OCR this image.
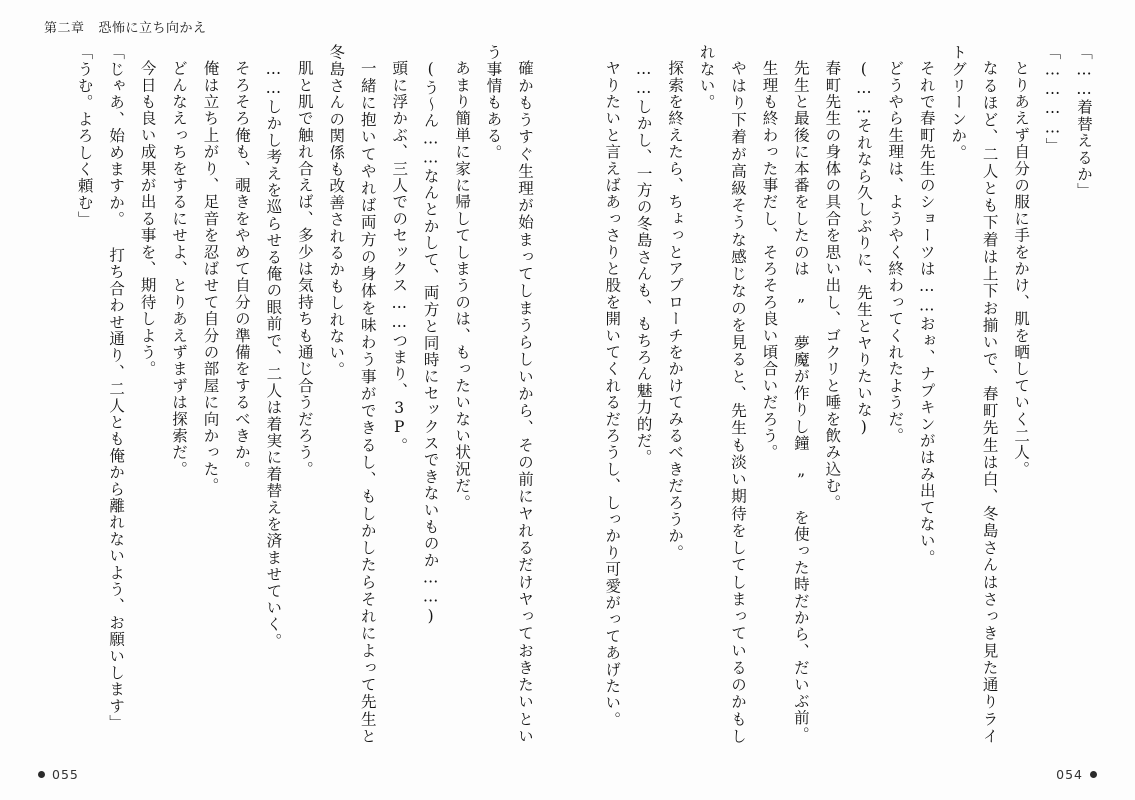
第二章 恐怖に立ち向かえ

「……着替えるか」

「…………」

とりあえず自分の服に手をかけ、肌を晒していく二人。

なるほど、二人とも下着は上下お揃いで、春町先生は白、冬島さんはさっき見た通りライトグリーンか。

それで春町先生のショーツは……おぉ、ナプキンがはみ出てない。

どうやら生理は、ようやく終わってくれたようだ。

(……それなら久しぶりに、先生とヤりたいな)

春町先生の身体の具合を思い出し、ゴクリと唾を飲み込む。

先生と最後に本番をしたのは ” 夢魔が作りし鐘 ” を使った時だから、だいぶ前。

生理も終わった事だし、そろそろ良い頃合いだろう。

やはり下着が高級そうな感じなのを見ると、先生も淡い期待をしてしまっているのかもしれない。

探索を終えたら、ちょっとアプローチをかけてみるべきだろうか。

……しかし、一方の冬島さんも、もちろん魅力的だ。

ヤりたいと言えばあっさりと股を開いてくれるだろうし、しっかり可愛がってあげたい。

確かもうすぐ生理が始まってしまうらしいから、その前にヤれるだけヤっておきたいという事情もある。

あまり簡単に家に帰してしまうのは、もったいない状況だ。

(う～ん……なんとかして、両方と同時にセックスできないものか……)

頭に浮かぶ、三人でのセックス……つまり、3P。

一緒に抱いてやれば両方の身体を味わう事ができるし、もしかしたらそれによって先生と冬島さんの関係も改善されるかもしれない。

肌と肌で触れ合えば、多少は気持ちも通じ合うだろう。

……しかし考えを巡らせる俺の眼前で、二人は着実に着替えを済ませていく。

そろそろ俺も、覗きをやめて自分の準備をするべきか。

俺は立ち上がり、足音を忍ばせて自分の部屋に向かった。

どんなえっちをするにせよ、とりあえずまずは探索だ。

今日も良い成果が出る事を、期待しよう。

「じゃあ、始めますか。 打ち合わせ通り、二人とも俺から離れないよう、お願いします」

「うむ。よろしく頼む」

055	054
